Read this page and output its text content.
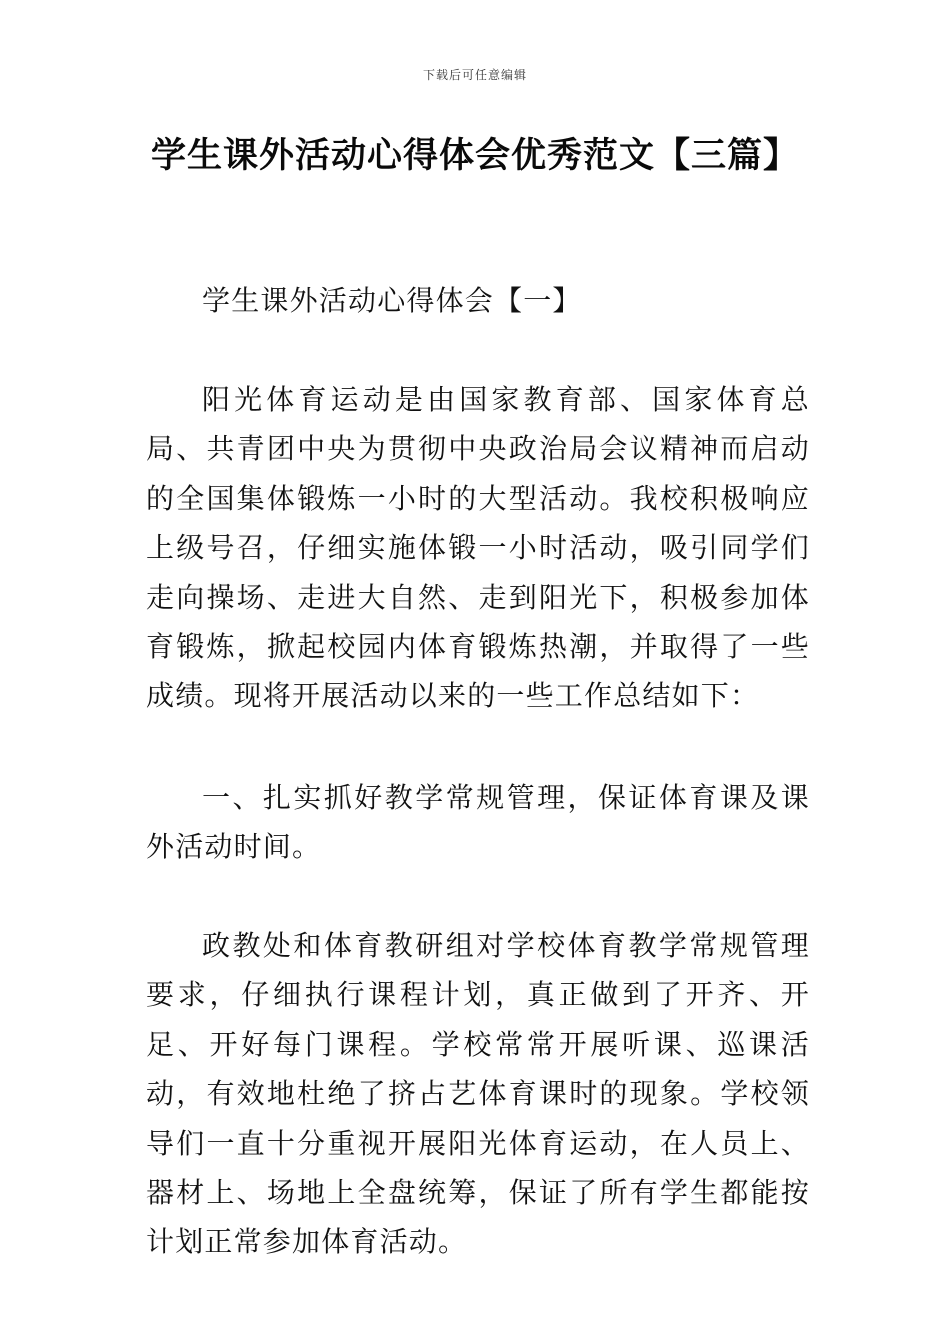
下载后可任意编辑
学生课外活动心得体会优秀范文【三篇】

学生课外活动心得体会【一】

阳光体育运动是由国家教育部、国家体育总局、共青团中央为贯彻中央政治局会议精神而启动的全国集体锻炼一小时的大型活动。我校积极响应上级号召，仔细实施体锻一小时活动，吸引同学们走向操场、走进大自然、走到阳光下，积极参加体育锻炼，掀起校园内体育锻炼热潮，并取得了一些成绩。现将开展活动以来的一些工作总结如下：

一、扎实抓好教学常规管理，保证体育课及课外活动时间。

政教处和体育教研组对学校体育教学常规管理要求，仔细执行课程计划，真正做到了开齐、开足、开好每门课程。学校常常开展听课、巡课活动，有效地杜绝了挤占艺体育课时的现象。学校领导们一直十分重视开展阳光体育运动，在人员上、器材上、场地上全盘统筹，保证了所有学生都能按计划正常参加体育活动。
